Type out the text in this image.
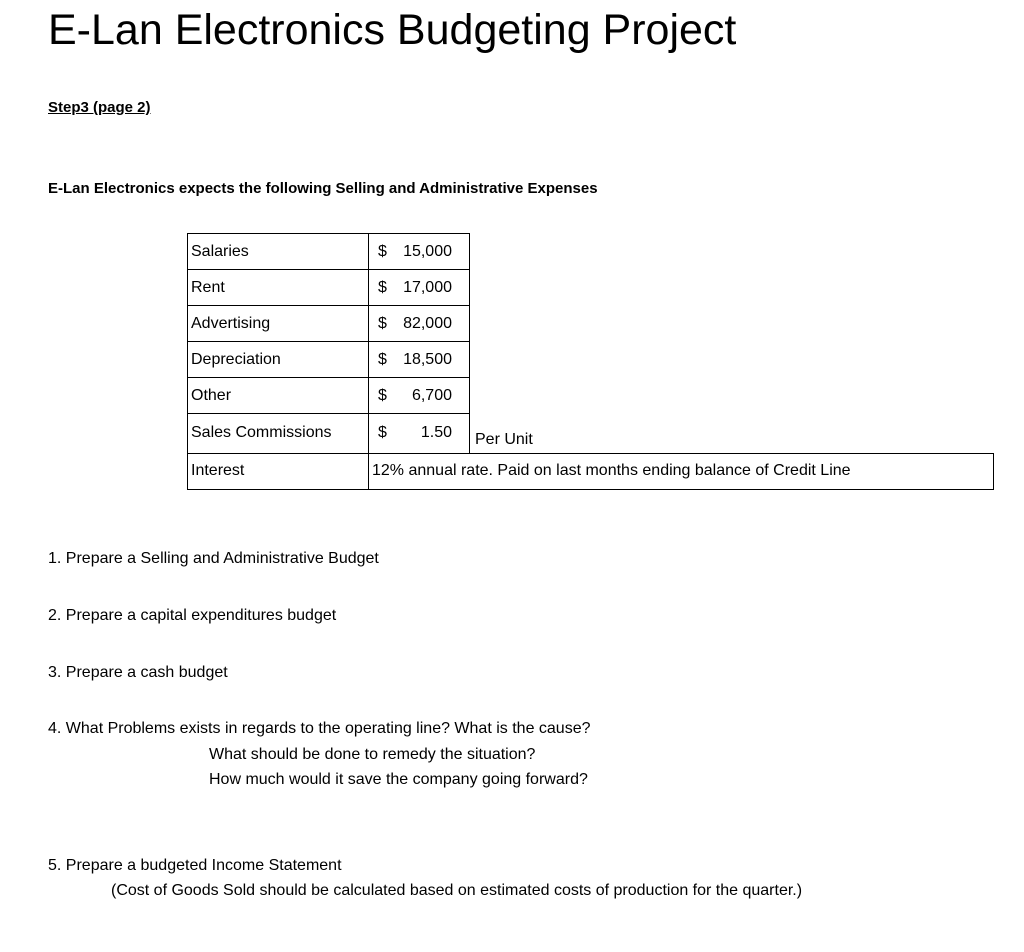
E-Lan Electronics Budgeting Project
Step3 (page 2)
E-Lan Electronics expects the following Selling and Administrative Expenses
Salaries	$ 15,000	

Rent	$ 17,000	

Advertising	$ 82,000	

Depreciation	$ 18,500	

Other	$ 6,700	

Sales Commissions	$ 1.50	Per Unit
Interest	12% annual rate. Paid on last months ending balance of Credit Line	
1. Prepare a Selling and Administrative Budget
2. Prepare a capital expenditures budget
3. Prepare a cash budget
4. What Problems exists in regards to the operating line? What is the cause?
What should be done to remedy the situation?
How much would it save the company going forward?
5. Prepare a budgeted Income Statement
(Cost of Goods Sold should be calculated based on estimated costs of production for the quarter.)
